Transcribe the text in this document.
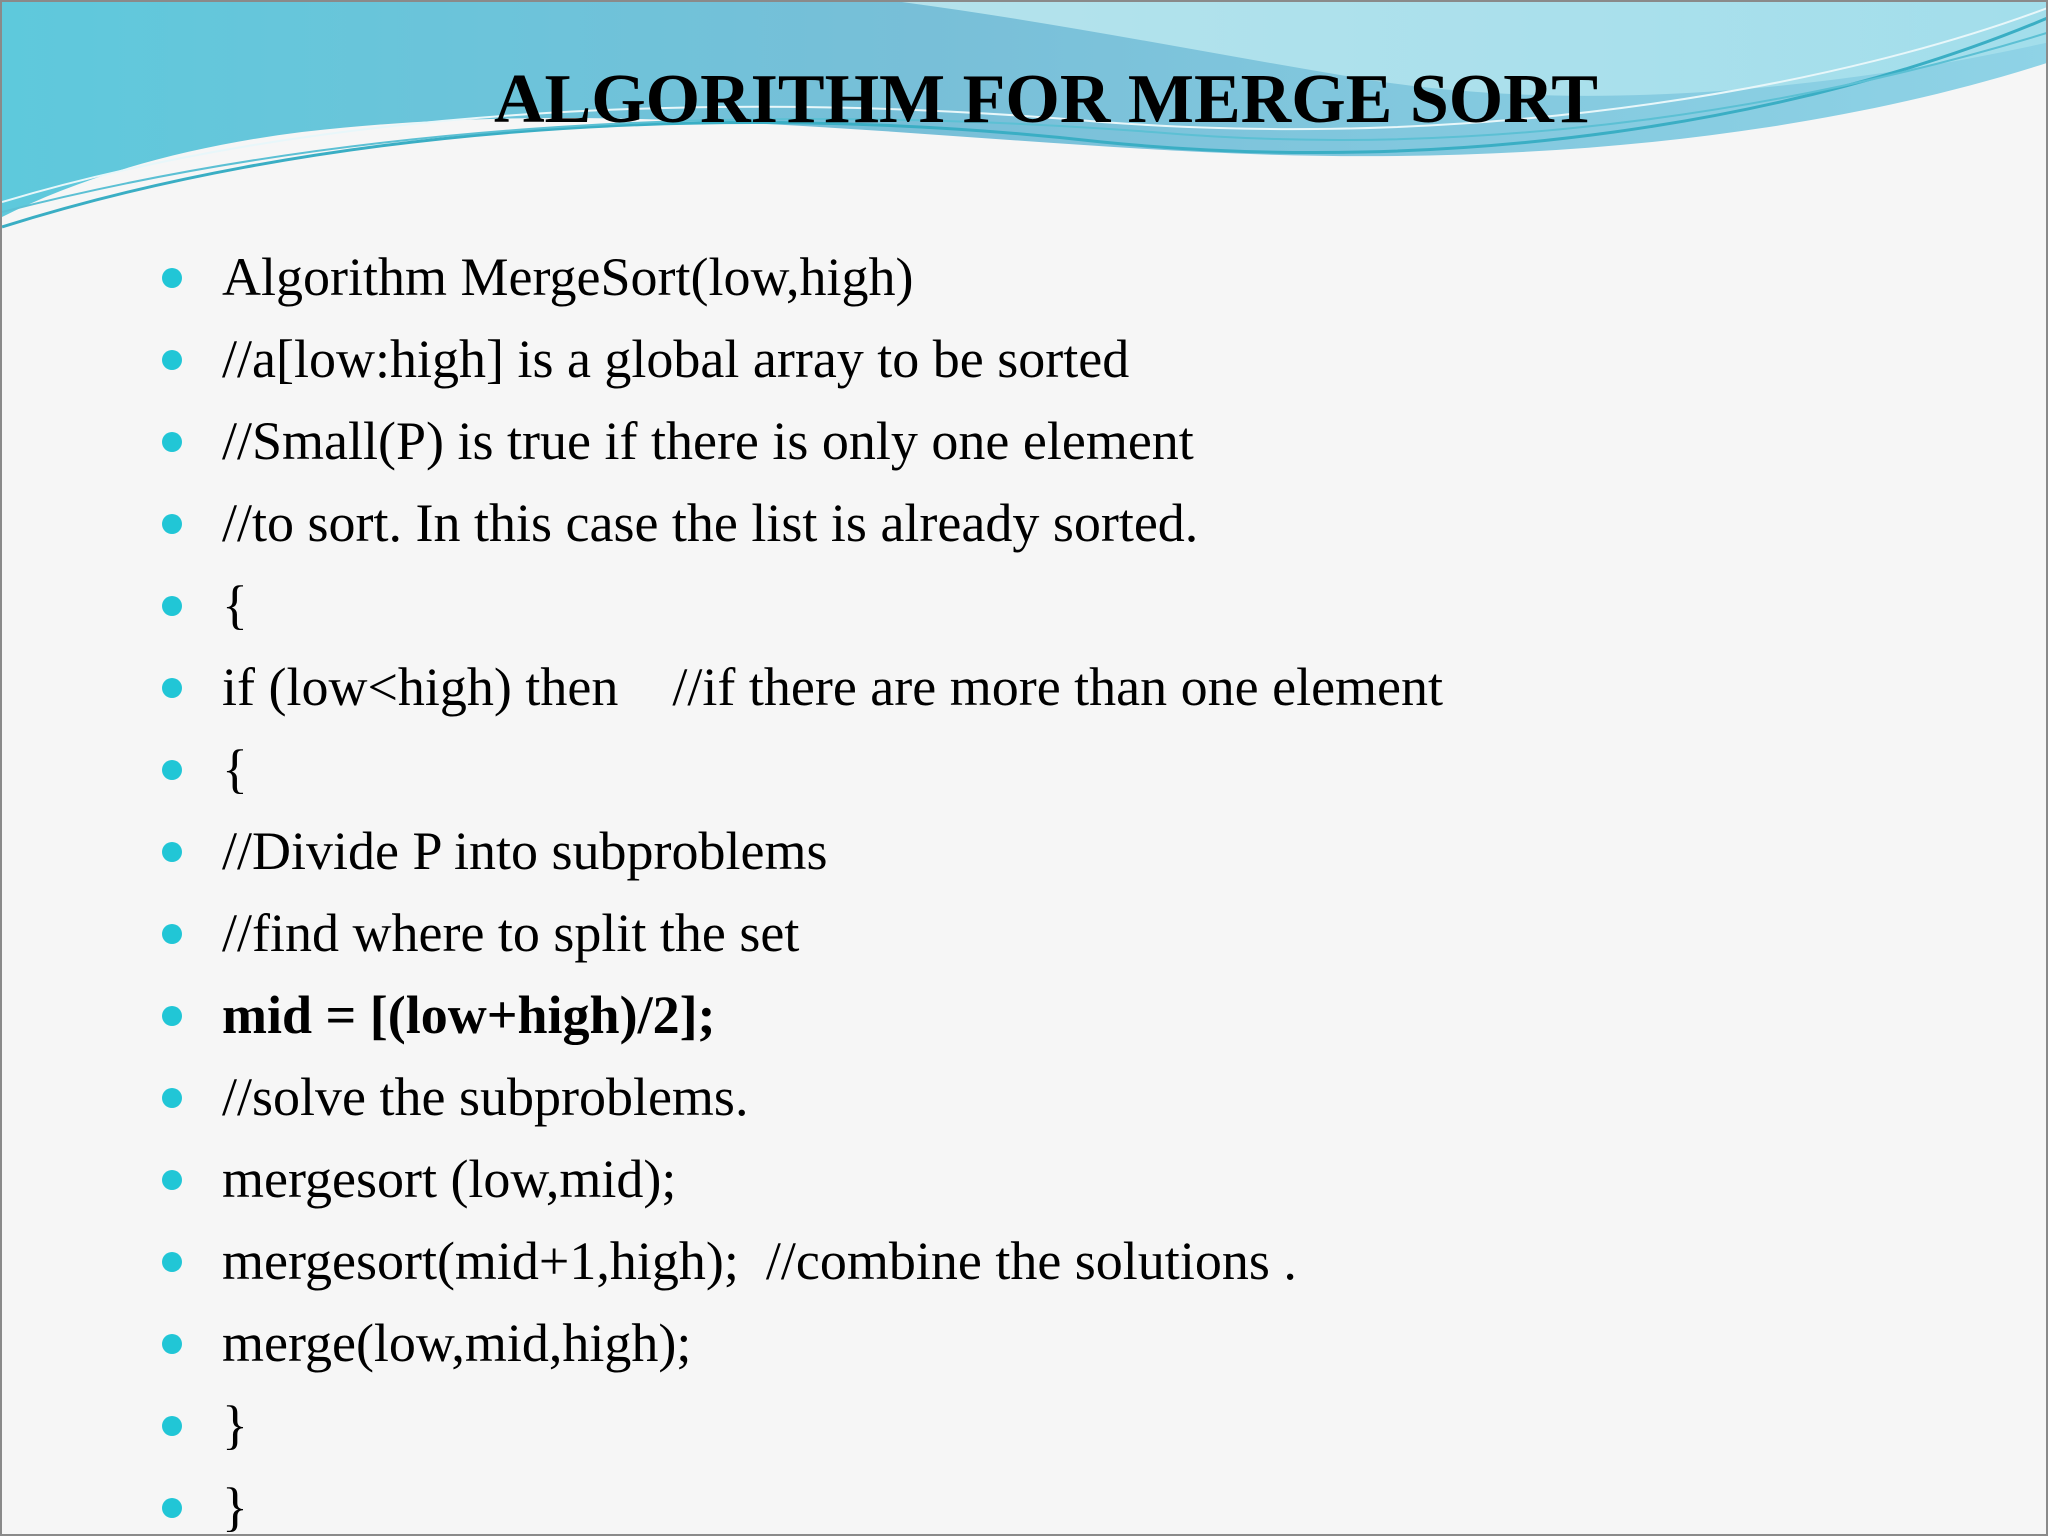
ALGORITHM FOR MERGE SORT
Algorithm MergeSort(low,high)
//a[low:high] is a global array to be sorted
//Small(P) is true if there is only one element
//to sort. In this case the list is already sorted.
{
if (low<high) then    //if there are more than one element
{
//Divide P into subproblems
//find where to split the set
mid = [(low+high)/2];
//solve the subproblems.
mergesort (low,mid);
mergesort(mid+1,high);  //combine the solutions .
merge(low,mid,high);
}
}
